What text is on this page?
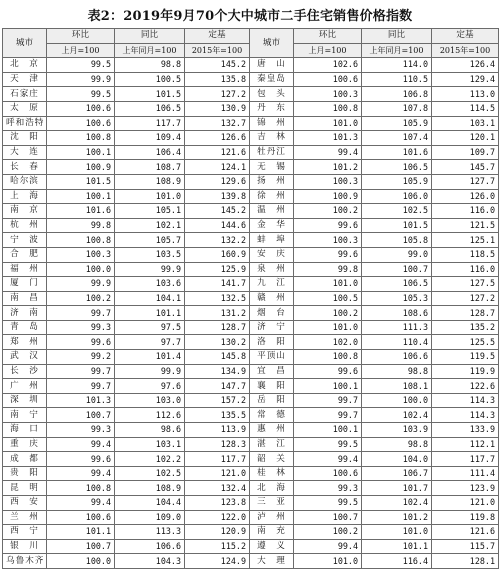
表2：2019年9月70个大中城市二手住宅销售价格指数
城市	环比	同比	定基	城市	环比	同比	定基
	上月=100	上年同月=100	2015年=100		上月=100	上年同月=100	2015年=100
北　京	99.5	98.8	145.2	唐　山	102.6	114.0	126.4
天　津	99.9	100.5	135.8	秦皇岛	100.6	110.5	129.4
石家庄	99.5	101.5	127.2	包　头	100.3	106.8	113.0
太　原	100.6	106.5	130.9	丹　东	100.8	107.8	114.5
呼和浩特	100.6	117.7	132.7	锦　州	101.0	105.9	103.1
沈　阳	100.8	109.4	126.6	吉　林	101.3	107.4	120.1
大　连	100.1	106.4	121.6	牡丹江	99.4	101.6	109.7
长　春	100.9	108.7	124.1	无　锡	101.2	106.5	145.7
哈尔滨	101.5	108.9	129.6	扬　州	100.3	105.9	127.7
上　海	100.1	101.0	139.8	徐　州	100.9	106.0	126.0
南　京	101.6	105.1	145.2	温　州	100.2	102.5	116.0
杭　州	99.8	102.1	144.6	金　华	99.6	101.5	121.5
宁　波	100.8	105.7	132.2	蚌　埠	100.3	105.8	125.1
合　肥	100.3	103.5	160.9	安　庆	99.6	99.0	118.5
福　州	100.0	99.9	125.9	泉　州	99.8	100.7	116.0
厦　门	99.9	103.6	141.7	九　江	101.0	106.5	127.5
南　昌	100.2	104.1	132.5	赣　州	100.5	105.3	127.2
济　南	99.7	101.1	131.2	烟　台	100.2	108.6	128.7
青　岛	99.3	97.5	128.7	济　宁	101.0	111.3	135.2
郑　州	99.6	97.7	130.2	洛　阳	102.0	110.4	125.5
武　汉	99.2	101.4	145.8	平顶山	100.8	106.6	119.5
长　沙	99.7	99.9	134.9	宜　昌	99.6	98.8	119.9
广　州	99.7	97.6	147.7	襄　阳	100.1	108.1	122.6
深　圳	101.3	103.0	157.2	岳　阳	99.7	100.0	114.3
南　宁	100.7	112.6	135.5	常　德	99.7	102.4	114.3
海　口	99.3	98.6	113.9	惠　州	100.1	103.9	133.9
重　庆	99.4	103.1	128.3	湛　江	99.5	98.8	112.1
成　都	99.6	102.2	117.7	韶　关	99.4	104.0	117.7
贵　阳	99.4	102.5	121.0	桂　林	100.6	106.7	111.4
昆　明	100.8	108.9	132.4	北　海	99.3	101.7	123.9
西　安	99.4	104.4	123.8	三　亚	99.5	102.4	121.0
兰　州	100.6	109.0	122.0	泸　州	100.7	101.2	119.8
西　宁	101.1	113.3	120.9	南　充	100.2	101.0	121.6
银　川	100.7	106.6	115.2	遵　义	99.4	101.1	115.7
乌鲁木齐	100.0	104.3	124.9	大　理	101.0	116.4	128.1
